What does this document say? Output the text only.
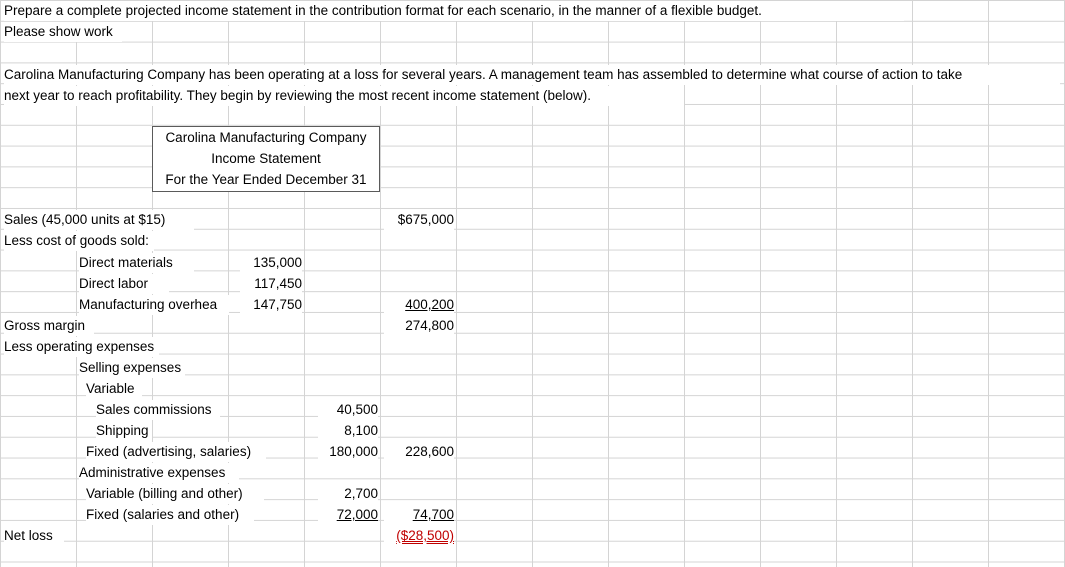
Prepare a complete projected income statement in the contribution format for each scenario, in the manner of a flexible budget.
Please show work
Carolina Manufacturing Company has been operating at a loss for several years. A management team has assembled to determine what course of action to take
next year to reach profitability. They begin by reviewing the most recent income statement (below).
Carolina Manufacturing Company
Income Statement
For the Year Ended December 31
Sales (45,000 units at $15)	$675,000
Less cost of goods sold:
Direct materials	135,000
Direct labor	117,450
Manufacturing overhea	147,750	400,200
Gross margin	274,800
Less operating expenses
Selling expenses
Variable
Sales commissions	40,500
Shipping	8,100
Fixed (advertising, salaries)	180,000	228,600
Administrative expenses
Variable (billing and other)	2,700
Fixed (salaries and other)	72,000	74,700
Net loss	($28,500)
